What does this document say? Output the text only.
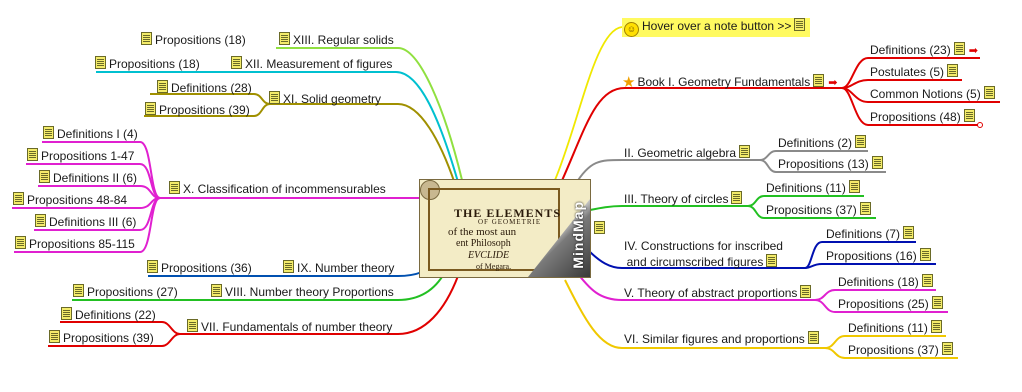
THE ELEMENTS
OF GEOMETRIE
of the most aun
ent Philosoph
EVCLIDE
of Megara.	MindMap
☺ Hover over a note button >>
★ Book I. Geometry Fundamentals ➡
Definitions (23) ➡
Postulates (5)
Common Notions (5)
Propositions (48)
II. Geometric algebra
Definitions (2)
Propositions (13)
III. Theory of circles
Definitions (11)
Propositions (37)
IV. Constructions for inscribed
and circumscribed figures
Definitions (7)
Propositions (16)
V. Theory of abstract proportions
Definitions (18)
Propositions (25)
VI. Similar figures and proportions
Definitions (11)
Propositions (37)
XIII. Regular solids
Propositions (18)
XII. Measurement of figures
Propositions (18)
XI. Solid geometry
Definitions (28)
Propositions (39)
X. Classification of incommensurables
Definitions I (4)
Propositions 1-47
Definitions II (6)
Propositions 48-84
Definitions III (6)
Propositions 85-115
IX. Number theory
Propositions (36)
VIII. Number theory Proportions
Propositions (27)
VII. Fundamentals of number theory
Definitions (22)
Propositions (39)
